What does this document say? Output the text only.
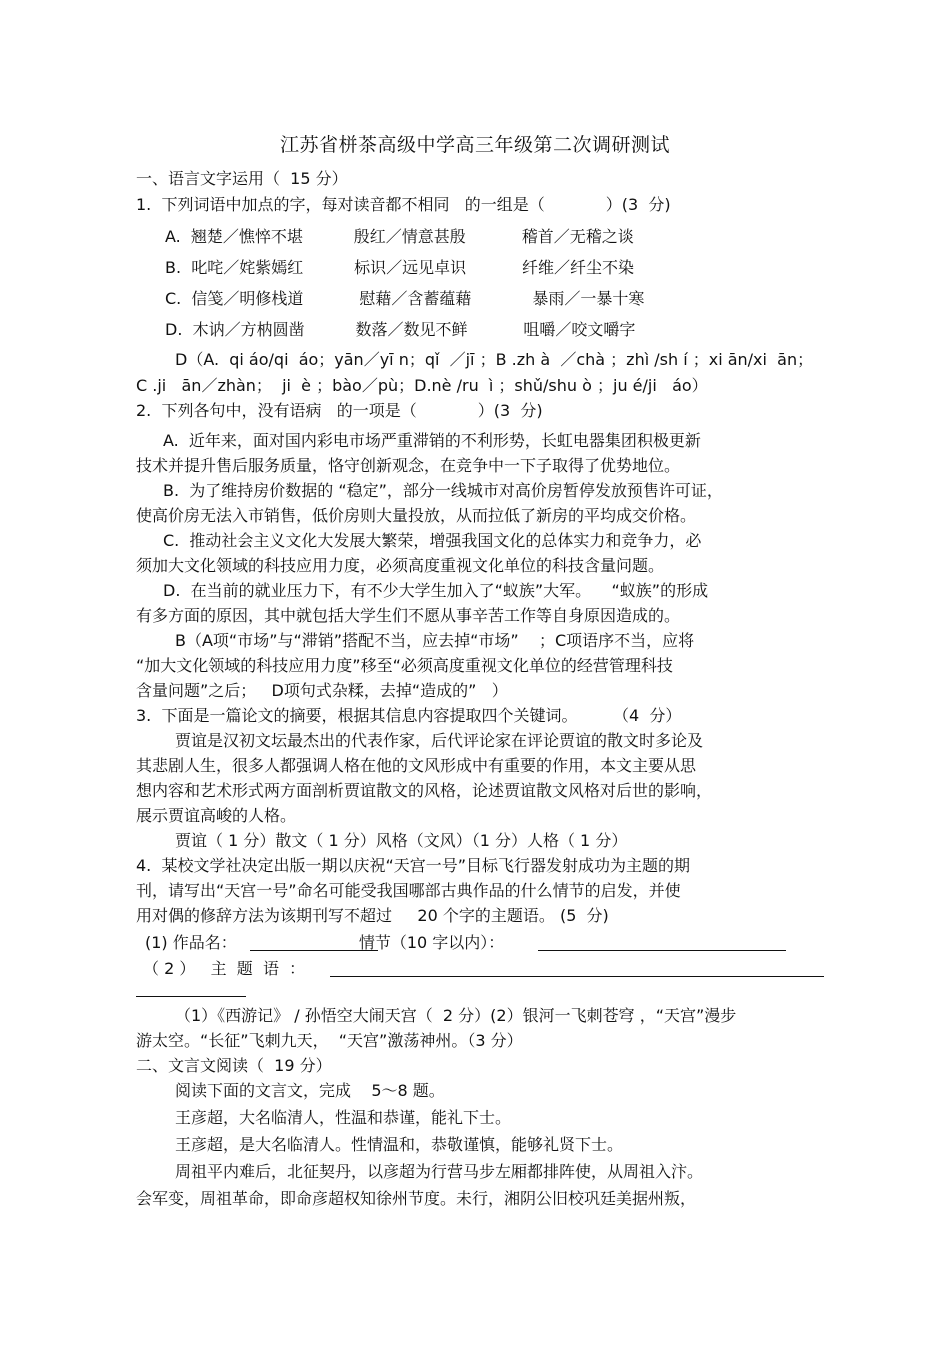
江苏省栟茶高级中学高三年级第二次调研测试
一、语言文字运用（  15 分）
1.  下列词语中加点的字，每对读音都不相同   的一组是（            ）(3  分)
A.  翘楚／憔悴不堪          殷红／情意甚殷           稽首／无稽之谈
B.  叱咤／姹紫嫣红          标识／远见卓识           纤维／纤尘不染
C.  信笺／明修栈道           慰藉／含蓄蕴藉            暴雨／一暴十寒
D.  木讷／方枘圆凿          数落／数见不鲜           咀嚼／咬文嚼字
D（A.  qi áo/qi  áo；yān／yī n；qǐ  ／jī ；B .zh à  ／chà ；zhì /sh í ；xi ān/xi  ān；
C .ji   ān／zhàn；  ji  è ；bào／pù；D.nè /ru  ì ；shǔ/shu ò ；ju é/ji   áo）
2.  下列各句中，没有语病   的一项是（            ）(3  分)
A.  近年来，面对国内彩电市场严重滞销的不利形势，长虹电器集团积极更新
技术并提升售后服务质量，恪守创新观念，在竞争中一下子取得了优势地位。
B.  为了维持房价数据的 “稳定”，部分一线城市对高价房暂停发放预售许可证，
使高价房无法入市销售，低价房则大量投放，从而拉低了新房的平均成交价格。
C.  推动社会主义文化大发展大繁荣，增强我国文化的总体实力和竞争力，必
须加大文化领域的科技应用力度，必须高度重视文化单位的科技含量问题。
D.  在当前的就业压力下，有不少大学生加入了“蚁族”大军。    “蚁族”的形成
有多方面的原因，其中就包括大学生们不愿从事辛苦工作等自身原因造成的。
B（A项“市场”与“滞销”搭配不当，应去掉“市场”    ；C项语序不当，应将
“加大文化领域的科技应用力度”移至“必须高度重视文化单位的经营管理科技
含量问题”之后；   D项句式杂糅，去掉“造成的”   ）
3.  下面是一篇论文的摘要，根据其信息内容提取四个关键词。       （4  分）
贾谊是汉初文坛最杰出的代表作家，后代评论家在评论贾谊的散文时多论及
其悲剧人生，很多人都强调人格在他的文风形成中有重要的作用，本文主要从思
想内容和艺术形式两方面剖析贾谊散文的风格，论述贾谊散文风格对后世的影响，
展示贾谊高峻的人格。
贾谊（ 1 分）散文（ 1 分）风格（文风）（1 分）人格（ 1 分）
4.  某校文学社决定出版一期以庆祝“天宫一号”目标飞行器发射成功为主题的期
刊，请写出“天宫一号”命名可能受我国哪部古典作品的什么情节的启发，并使
用对偶的修辞方法为该期刊写不超过     20 个字的主题语。 (5  分)
(1) 作品名：                        情节（10 字以内）：
（ 2 ）   主  题  语  ：
（1）《西游记》 / 孙悟空大闹天宫（  2 分）(2）银河一飞刺苍穹 ，“天宫”漫步
游太空。“长征”飞刺九天，  “天宫”激荡神州。（3 分）
二、文言文阅读（  19 分）
阅读下面的文言文，完成    5～8 题。
王彦超，大名临清人，性温和恭谨，能礼下士。
王彦超，是大名临清人。性情温和，恭敬谨慎，能够礼贤下士。
周祖平内难后，北征契丹，以彦超为行营马步左厢都排阵使，从周祖入汴。
会军变，周祖革命，即命彦超权知徐州节度。未行，湘阴公旧校巩廷美据州叛，
